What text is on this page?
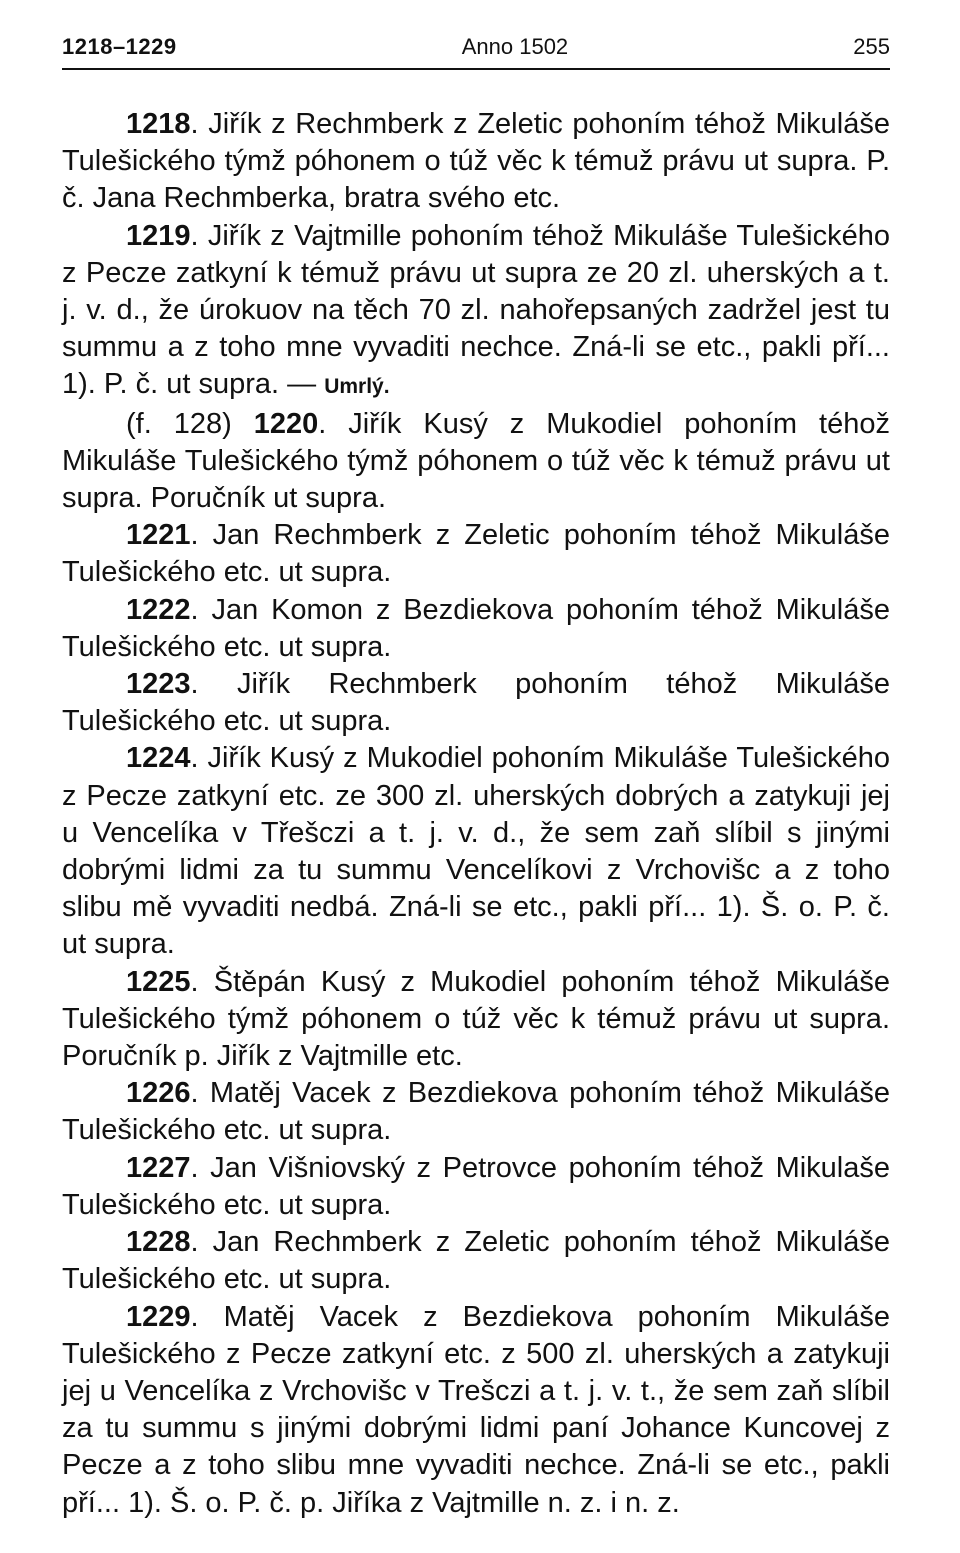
1218–1229	Anno 1502	255

1218. Jiřík z Rechmberk z Zeletic pohoním téhož Mikuláše Tulešického týmž póhonem o túž věc k témuž právu ut supra. P. č. Jana Rechmberka, bratra svého etc.

1219. Jiřík z Vajtmille pohoním téhož Mikuláše Tulešického z Pecze zatkyní k témuž právu ut supra ze 20 zl. uherských a t. j. v. d., že úrokuov na těch 70 zl. nahořepsaných zadržel jest tu summu a z toho mne vyvaditi nechce. Zná-li se etc., pakli pří... 1). P. č. ut supra. — Umrlý.

(f. 128) 1220. Jiřík Kusý z Mukodiel pohoním téhož Mikuláše Tulešického týmž póhonem o túž věc k témuž právu ut supra. Poručník ut supra.

1221. Jan Rechmberk z Zeletic pohoním téhož Mikuláše Tulešického etc. ut supra.

1222. Jan Komon z Bezdiekova pohoním téhož Mikuláše Tulešického etc. ut supra.

1223. Jiřík Rechmberk pohoním téhož Mikuláše Tulešického etc. ut supra.

1224. Jiřík Kusý z Mukodiel pohoním Mikuláše Tulešického z Pecze zatkyní etc. ze 300 zl. uherských dobrých a zatykuji jej u Vencelíka v Třešczi a t. j. v. d., že sem zaň slíbil s jinými dobrými lidmi za tu summu Vencelíkovi z Vrchovišc a z toho slibu mě vyvaditi nedbá. Zná-li se etc., pakli pří... 1). Š. o. P. č. ut supra.

1225. Štěpán Kusý z Mukodiel pohoním téhož Mikuláše Tulešického týmž póhonem o túž věc k témuž právu ut supra. Poručník p. Jiřík z Vajtmille etc.

1226. Matěj Vacek z Bezdiekova pohoním téhož Mikuláše Tulešického etc. ut supra.

1227. Jan Višniovský z Petrovce pohoním téhož Mikulaše Tulešického etc. ut supra.

1228. Jan Rechmberk z Zeletic pohoním téhož Mikuláše Tulešického etc. ut supra.

1229. Matěj Vacek z Bezdiekova pohoním Mikuláše Tulešického z Pecze zatkyní etc. z 500 zl. uherských a zatykuji jej u Vencelíka z Vrchovišc v Trešczi a t. j. v. t., že sem zaň slíbil za tu summu s jinými dobrými lidmi paní Johance Kuncovej z Pecze a z toho slibu mne vyvaditi nechce. Zná-li se etc., pakli pří... 1). Š. o. P. č. p. Jiříka z Vajtmille n. z. i n. z.
